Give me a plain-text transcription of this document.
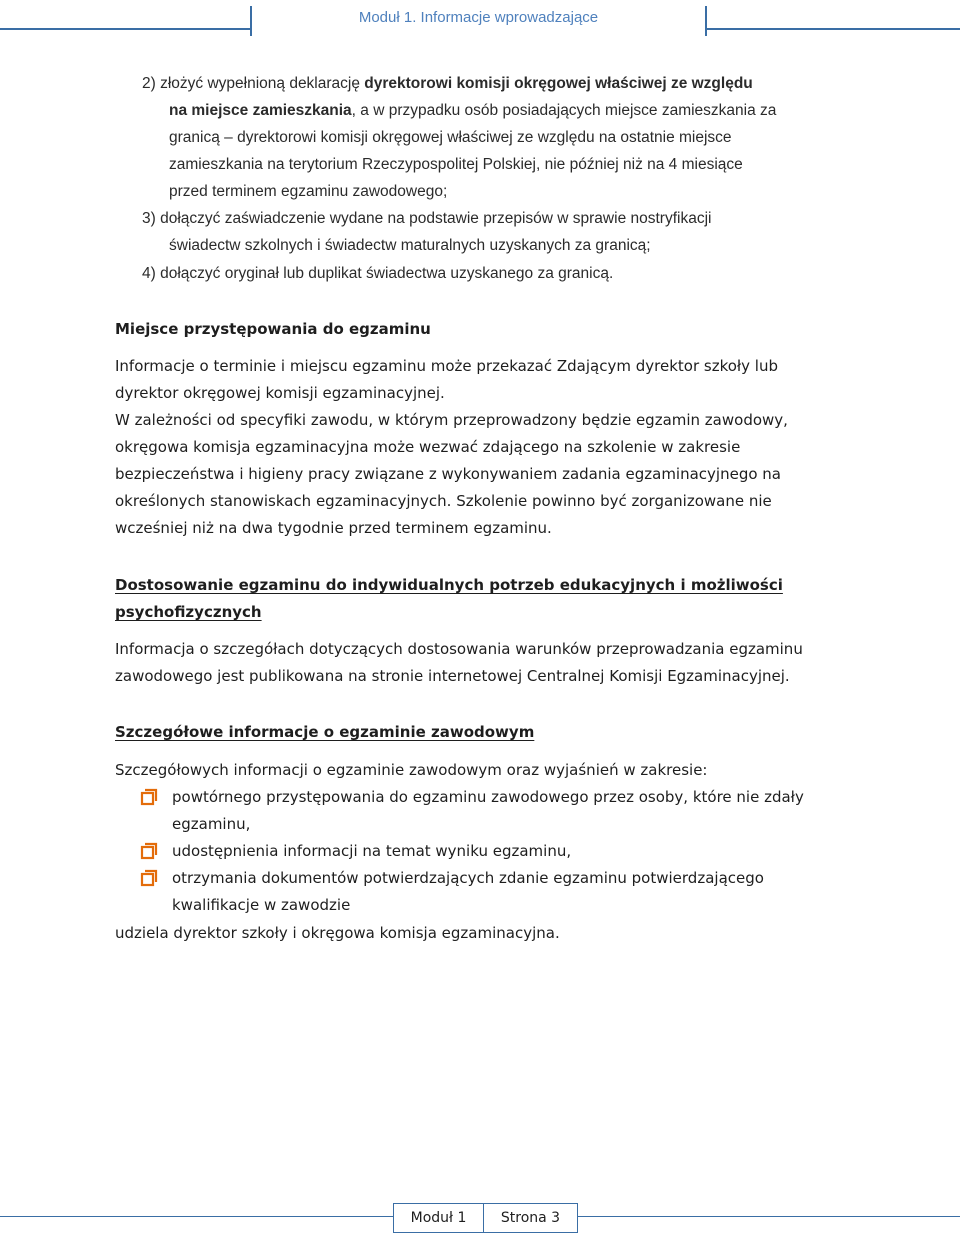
Moduł 1. Informacje wprowadzające
2) złożyć wypełnioną deklarację dyrektorowi komisji okręgowej właściwej ze względu
na miejsce zamieszkania, a w przypadku osób posiadających miejsce zamieszkania za
granicą – dyrektorowi komisji okręgowej właściwej ze względu na ostatnie miejsce
zamieszkania na terytorium Rzeczypospolitej Polskiej, nie później niż na 4 miesiące
przed terminem egzaminu zawodowego;
3) dołączyć zaświadczenie wydane na podstawie przepisów w sprawie nostryfikacji
świadectw szkolnych i świadectw maturalnych uzyskanych za granicą;
4) dołączyć oryginał lub duplikat świadectwa uzyskanego za granicą.
Miejsce przystępowania do egzaminu
Informacje o terminie i miejscu egzaminu może przekazać Zdającym dyrektor szkoły lub
dyrektor okręgowej komisji egzaminacyjnej.
W zależności od specyfiki zawodu, w którym przeprowadzony będzie egzamin zawodowy,
okręgowa komisja egzaminacyjna może wezwać zdającego na szkolenie w zakresie
bezpieczeństwa i higieny pracy związane z wykonywaniem zadania egzaminacyjnego na
określonych stanowiskach egzaminacyjnych. Szkolenie powinno być zorganizowane nie
wcześniej niż na dwa tygodnie przed terminem egzaminu.
Dostosowanie egzaminu do indywidualnych potrzeb edukacyjnych i możliwości
psychofizycznych
Informacja o szczegółach dotyczących dostosowania warunków przeprowadzania egzaminu
zawodowego jest publikowana na stronie internetowej Centralnej Komisji Egzaminacyjnej.
Szczegółowe informacje o egzaminie zawodowym
Szczegółowych informacji o egzaminie zawodowym oraz wyjaśnień w zakresie:
powtórnego przystępowania do egzaminu zawodowego przez osoby, które nie zdały
egzaminu,
udostępnienia informacji na temat wyniku egzaminu,
otrzymania dokumentów potwierdzających zdanie egzaminu potwierdzającego
kwalifikacje w zawodzie
udziela dyrektor szkoły i okręgowa komisja egzaminacyjna.
Moduł 1	Strona 3
